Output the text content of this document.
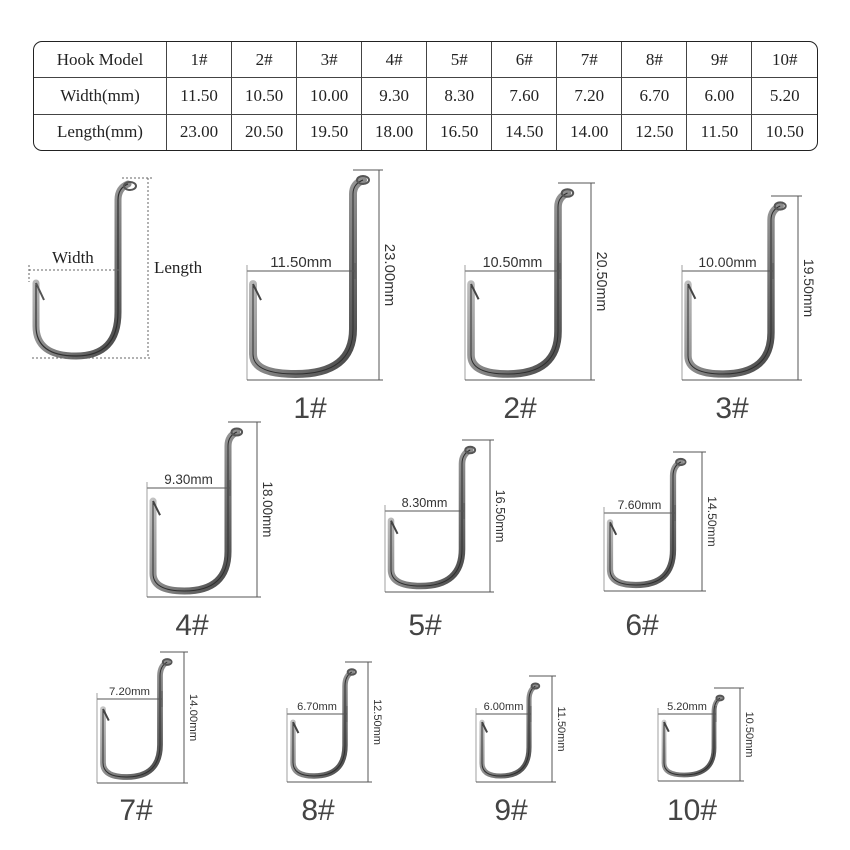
Hook Model	1#	2#	3#	4#	5#	6#	7#	8#	9#	10#
Width(mm)	11.50	10.50	10.00	9.30	8.30	7.60	7.20	6.70	6.00	5.20
Length(mm)	23.00	20.50	19.50	18.00	16.50	14.50	14.00	12.50	11.50	10.50
Width
Length	11.50mm	23.00mm
1#
10.50mm	20.50mm
2#
10.00mm	19.50mm
3#
9.30mm
18.00mm
4#
8.30mm	16.50mm
5#
7.60mm	14.50mm
6#
7.20mm
14.00mm
7#
6.70mm	12.50mm
8#
6.00mm	11.50mm
9#
5.20mm
10.50mm
10#
